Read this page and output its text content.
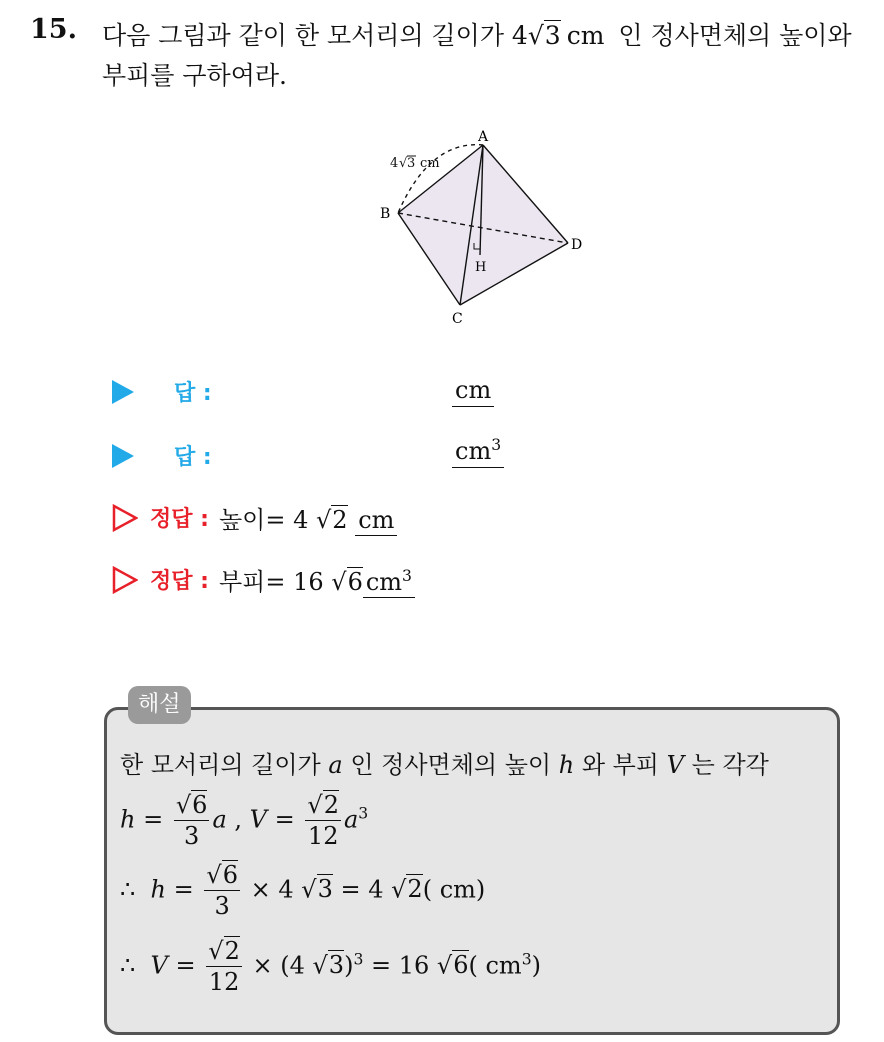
15. 다음 그림과 같이 한 모서리의 길이가 4√3 cm 인 정사면체의 높이와
부피를 구하여라.
A
B
C
D
H
4 √ 3 cm
답 :	cm
답 :	$cm^3$
정답 : 높이= 4 √2 cm
정답 : 부피= 16 √6 $cm^3$
해설
한 모서리의 길이가 a 인 정사면체의 높이 h 와 부피 V 는 각각
$h = \frac{√6}{3}$ a , $V = \frac{√2}{12} a^3$
∴ $h = \frac{√6}{3} \times 4$ √3 = 4 √2( cm)
∴ $V = \frac{√2}{12} \times (4$ √3)$^3$ = 16 √6( $cm^3$)
